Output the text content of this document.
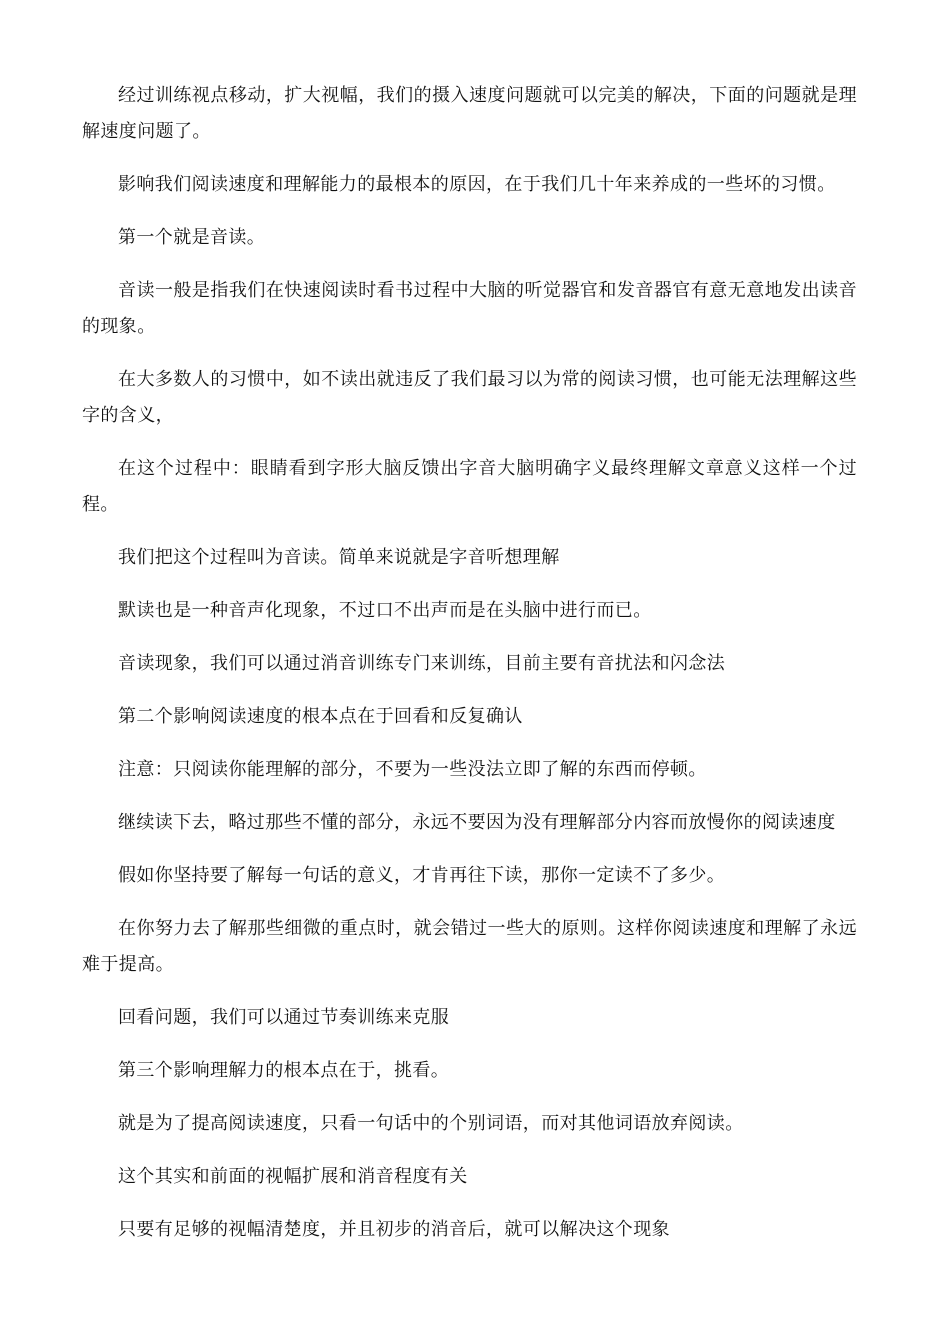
经过训练视点移动，扩大视幅，我们的摄入速度问题就可以完美的解决，下面的问题就是理解速度问题了。

影响我们阅读速度和理解能力的最根本的原因，在于我们几十年来养成的一些坏的习惯。

第一个就是音读。

音读一般是指我们在快速阅读时看书过程中大脑的听觉器官和发音器官有意无意地发出读音的现象。

在大多数人的习惯中，如不读出就违反了我们最习以为常的阅读习惯，也可能无法理解这些字的含义，

在这个过程中：眼睛看到字形大脑反馈出字音大脑明确字义最终理解文章意义这样一个过程。

我们把这个过程叫为音读。简单来说就是字音听想理解

默读也是一种音声化现象，不过口不出声而是在头脑中进行而已。

音读现象，我们可以通过消音训练专门来训练，目前主要有音扰法和闪念法

第二个影响阅读速度的根本点在于回看和反复确认

注意：只阅读你能理解的部分，不要为一些没法立即了解的东西而停顿。

继续读下去，略过那些不懂的部分，永远不要因为没有理解部分内容而放慢你的阅读速度

假如你坚持要了解每一句话的意义，才肯再往下读，那你一定读不了多少。

在你努力去了解那些细微的重点时，就会错过一些大的原则。这样你阅读速度和理解了永远难于提高。

回看问题，我们可以通过节奏训练来克服

第三个影响理解力的根本点在于，挑看。

就是为了提高阅读速度，只看一句话中的个别词语，而对其他词语放弃阅读。

这个其实和前面的视幅扩展和消音程度有关

只要有足够的视幅清楚度，并且初步的消音后，就可以解决这个现象
